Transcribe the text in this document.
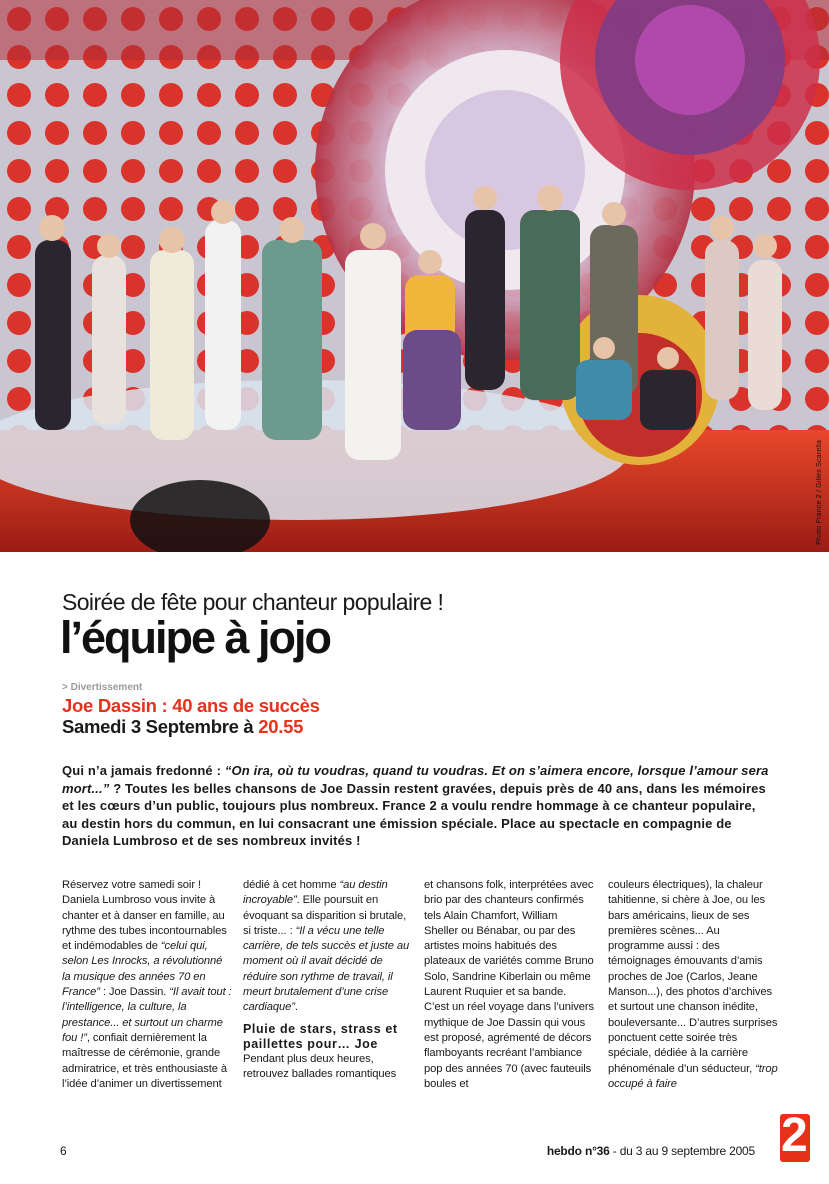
Photo France 2 / Gilles Scarella
Soirée de fête pour chanteur populaire !
l’équipe à jojo
> Divertissement
Joe Dassin : 40 ans de succès
Samedi 3 Septembre à 20.55
Qui n’a jamais fredonné : “On ira, où tu voudras, quand tu voudras. Et on s’aimera encore, lorsque l’amour sera mort...” ? Toutes les belles chansons de Joe Dassin restent gravées, depuis près de 40 ans, dans les mémoires et les cœurs d’un public, toujours plus nombreux. France 2 a voulu rendre hommage à ce chanteur populaire, au destin hors du commun, en lui consacrant une émission spéciale. Place au spectacle en compagnie de Daniela Lumbroso et de ses nombreux invités !

Réservez votre samedi soir ! Daniela Lumbroso vous invite à chanter et à danser en famille, au rythme des tubes incontournables et indémodables de “celui qui, selon Les Inrocks, a révolutionné la musique des années 70 en France” : Joe Dassin. “Il avait tout : l’intelligence, la culture, la prestance... et surtout un charme fou !”, confiait dernièrement la maîtresse de cérémonie, grande admiratrice, et très enthousiaste à l’idée d’animer un divertissement

dédié à cet homme “au destin incroyable”. Elle poursuit en évoquant sa disparition si brutale, si triste... : “Il a vécu une telle carrière, de tels succès et juste au moment où il avait décidé de réduire son rythme de travail, il meurt brutalement d’une crise cardiaque”.

Pluie de stars, strass et paillettes pour… Joe

Pendant plus deux heures, retrouvez ballades romantiques

et chansons folk, interprétées avec brio par des chanteurs confirmés tels Alain Chamfort, William Sheller ou Bénabar, ou par des artistes moins habitués des plateaux de variétés comme Bruno Solo, Sandrine Kiberlain ou même Laurent Ruquier et sa bande. C’est un réel voyage dans l’univers mythique de Joe Dassin qui vous est proposé, agrémenté de décors flamboyants recréant l’ambiance pop des années 70 (avec fauteuils boules et

couleurs électriques), la chaleur tahitienne, si chère à Joe, ou les bars américains, lieux de ses premières scènes... Au programme aussi : des témoignages émouvants d’amis proches de Joe (Carlos, Jeane Manson...), des photos d’archives et surtout une chanson inédite, bouleversante... D’autres surprises ponctuent cette soirée très spéciale, dédiée à la carrière phénoménale d’un séducteur, “trop occupé à faire

6	hebdo n°36 - du 3 au 9 septembre 2005 2
